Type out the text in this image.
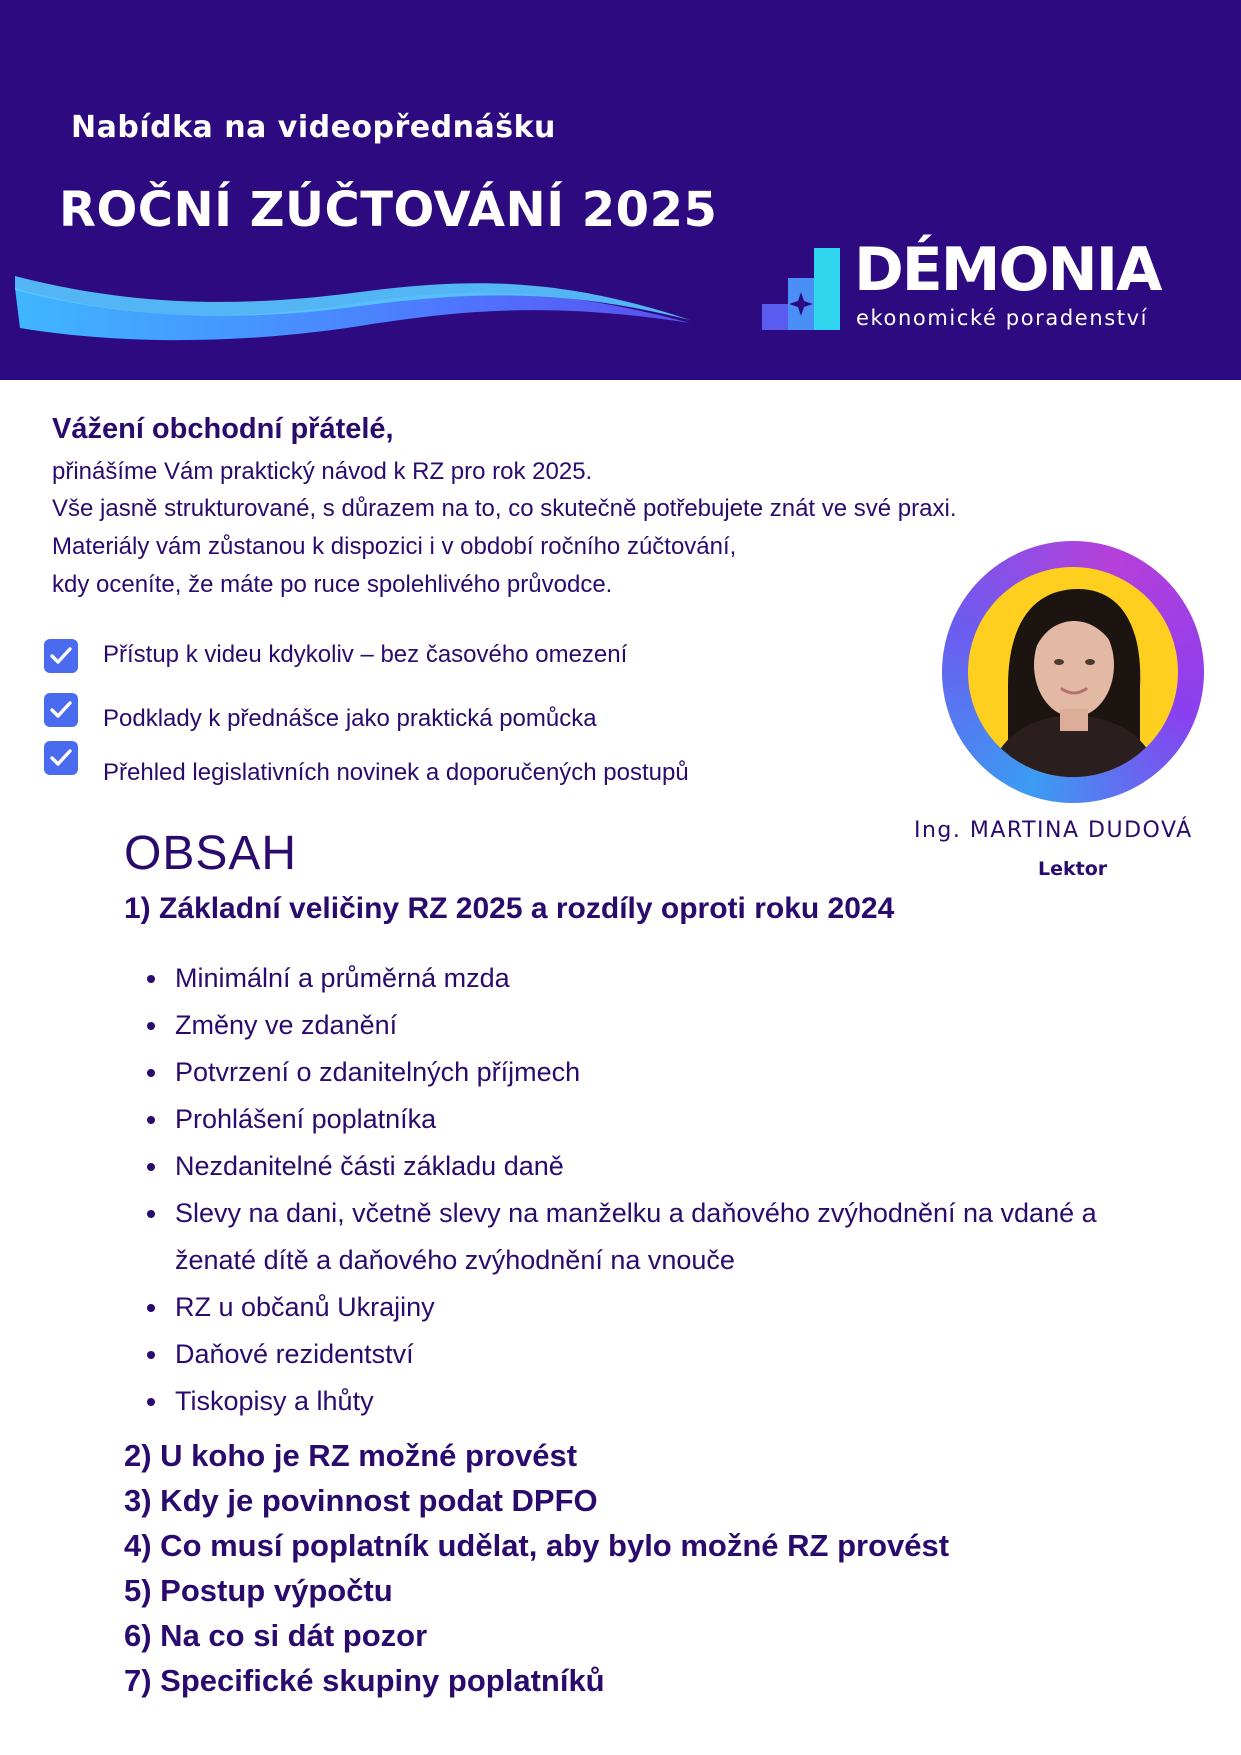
Nabídka na videopřednášku
ROČNÍ ZÚČTOVÁNÍ 2025
DÉMONIA
ekonomické poradenství
Vážení obchodní přátelé,
přinášíme Vám praktický návod k RZ pro rok 2025.
Vše jasně strukturované, s důrazem na to, co skutečně potřebujete znát ve své praxi.
Materiály vám zůstanou k dispozici i v období ročního zúčtování,
kdy oceníte, že máte po ruce spolehlivého průvodce.
Přístup k videu kdykoliv – bez časového omezení
Podklady k přednášce jako praktická pomůcka
Přehled legislativních novinek a doporučených postupů
Ing. MARTINA DUDOVÁ
Lektor
OBSAH
1) Základní veličiny RZ 2025 a rozdíly oproti roku 2024
Minimální a průměrná mzda
Změny ve zdanění
Potvrzení o zdanitelných příjmech
Prohlášení poplatníka
Nezdanitelné části základu daně
Slevy na dani, včetně slevy na manželku a daňového zvýhodnění na vdané a
ženaté dítě a daňového zvýhodnění na vnouče
RZ u občanů Ukrajiny
Daňové rezidentství
Tiskopisy a lhůty
2) U koho je RZ možné provést
3) Kdy je povinnost podat DPFO
4) Co musí poplatník udělat, aby bylo možné RZ provést
5) Postup výpočtu
6) Na co si dát pozor
7) Specifické skupiny poplatníků
